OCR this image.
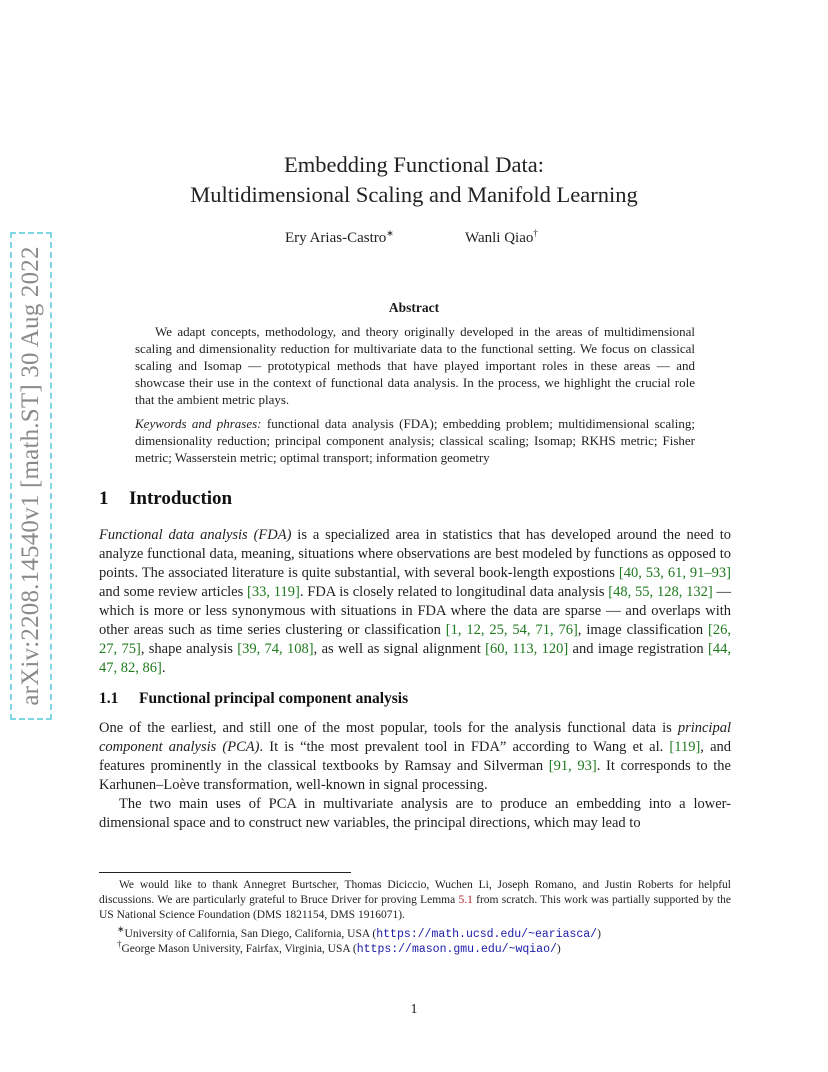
arXiv:2208.14540v1 [math.ST] 30 Aug 2022
Embedding Functional Data:
Multidimensional Scaling and Manifold Learning
Ery Arias-Castro∗	Wanli Qiao†
Abstract
We adapt concepts, methodology, and theory originally developed in the areas of multidimensional scaling and dimensionality reduction for multivariate data to the functional setting. We focus on classical scaling and Isomap — prototypical methods that have played important roles in these areas — and showcase their use in the context of functional data analysis. In the process, we highlight the crucial role that the ambient metric plays.
Keywords and phrases: functional data analysis (FDA); embedding problem; multidimensional scaling; dimensionality reduction; principal component analysis; classical scaling; Isomap; RKHS metric; Fisher metric; Wasserstein metric; optimal transport; information geometry
1 Introduction
Functional data analysis (FDA) is a specialized area in statistics that has developed around the need to analyze functional data, meaning, situations where observations are best modeled by functions as opposed to points. The associated literature is quite substantial, with several book-length expostions [40, 53, 61, 91–93] and some review articles [33, 119]. FDA is closely related to longitudinal data analysis [48, 55, 128, 132] — which is more or less synonymous with situations in FDA where the data are sparse — and overlaps with other areas such as time series clustering or classification [1, 12, 25, 54, 71, 76], image classification [26, 27, 75], shape analysis [39, 74, 108], as well as signal alignment [60, 113, 120] and image registration [44, 47, 82, 86].
1.1 Functional principal component analysis
One of the earliest, and still one of the most popular, tools for the analysis functional data is principal component analysis (PCA). It is “the most prevalent tool in FDA” according to Wang et al. [119], and features prominently in the classical textbooks by Ramsay and Silverman [91, 93]. It corresponds to the Karhunen–Loève transformation, well-known in signal processing.
The two main uses of PCA in multivariate analysis are to produce an embedding into a lower-dimensional space and to construct new variables, the principal directions, which may lead to
We would like to thank Annegret Burtscher, Thomas Diciccio, Wuchen Li, Joseph Romano, and Justin Roberts for helpful discussions. We are particularly grateful to Bruce Driver for proving Lemma 5.1 from scratch. This work was partially supported by the US National Science Foundation (DMS 1821154, DMS 1916071).
∗University of California, San Diego, California, USA (https://math.ucsd.edu/~eariasca/)
†George Mason University, Fairfax, Virginia, USA (https://mason.gmu.edu/~wqiao/)
1
